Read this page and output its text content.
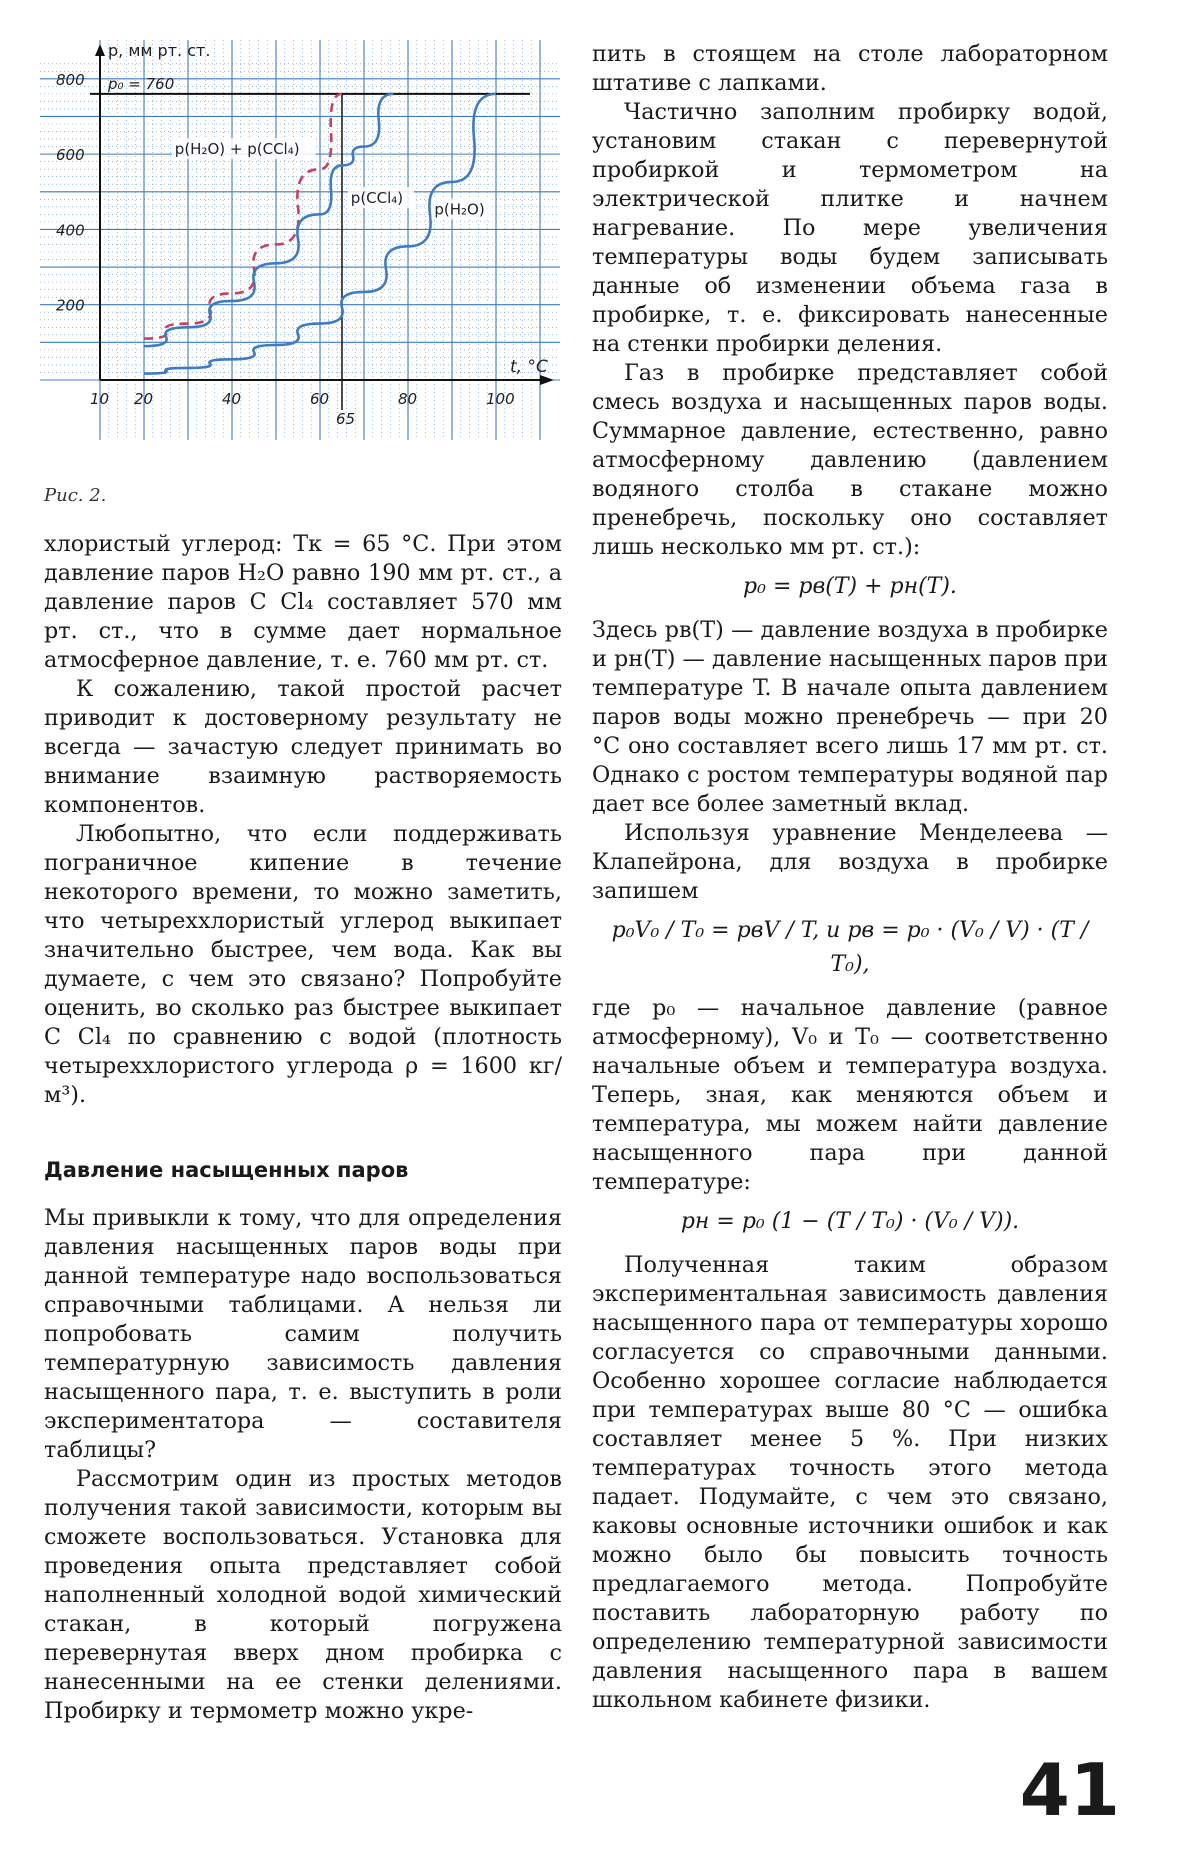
200
400
600
800
10 20	40	60	80	100
65
p, мм рт. ст.
t, °C
p₀ = 760
p(H₂O) + p(CCl₄)
p(CCl₄)
p(H₂O)
Рис. 2.

хлористый углерод: Tк = 65 °С. При этом давление паров H₂O равно 190 мм рт. ст., а давление паров С Cl₄ составляет 570 мм рт. ст., что в сумме дает нормальное атмосферное давление, т. е. 760 мм рт. ст.

К сожалению, такой простой расчет приводит к достоверному результату не всегда — зачастую следует принимать во внимание взаимную растворяемость компонентов.

Любопытно, что если поддерживать пограничное кипение в течение некоторого времени, то можно заметить, что четыреххлористый углерод выкипает значительно быстрее, чем вода. Как вы думаете, с чем это связано? Попробуйте оценить, во сколько раз быстрее выкипает С Cl₄ по сравнению с водой (плотность четыреххлористого углерода ρ = 1600 кг/м³).

Давление насыщенных паров

Мы привыкли к тому, что для определения давления насыщенных паров воды при данной температуре надо воспользоваться справочными таблицами. А нельзя ли попробовать самим получить температурную зависимость давления насыщенного пара, т. е. выступить в роли экспериментатора — составителя таблицы?

Рассмотрим один из простых методов получения такой зависимости, которым вы сможете воспользоваться. Установка для проведения опыта представляет собой наполненный холодной водой химический стакан, в который погружена перевернутая вверх дном пробирка с нанесенными на ее стенки делениями. Пробирку и термометр можно укре-

пить в стоящем на столе лабораторном штативе с лапками.

Частично заполним пробирку водой, установим стакан с перевернутой пробиркой и термометром на электрической плитке и начнем нагревание. По мере увеличения температуры воды будем записывать данные об изменении объема газа в пробирке, т. е. фиксировать нанесенные на стенки пробирки деления.

Газ в пробирке представляет собой смесь воздуха и насыщенных паров воды. Суммарное давление, естественно, равно атмосферному давлению (давлением водяного столба в стакане можно пренебречь, поскольку оно составляет лишь несколько мм рт. ст.):

p₀ = pв(T) + pн(T).

Здесь pв(T) — давление воздуха в пробирке и pн(T) — давление насыщенных паров при температуре T. В начале опыта давлением паров воды можно пренебречь — при 20 °С оно составляет всего лишь 17 мм рт. ст. Однако с ростом температуры водяной пар дает все более заметный вклад.

Используя уравнение Менделеева — Клапейрона, для воздуха в пробирке запишем

p₀V₀ / T₀ = pвV / T, и pв = p₀ · (V₀ / V) · (T / T₀),

где p₀ — начальное давление (равное атмосферному), V₀ и T₀ — соответственно начальные объем и температура воздуха. Теперь, зная, как меняются объем и температура, мы можем найти давление насыщенного пара при данной температуре:

pн = p₀ (1 − (T / T₀) · (V₀ / V)).

Полученная таким образом экспериментальная зависимость давления насыщенного пара от температуры хорошо согласуется со справочными данными. Особенно хорошее согласие наблюдается при температурах выше 80 °С — ошибка составляет менее 5 %. При низких температурах точность этого метода падает. Подумайте, с чем это связано, каковы основные источники ошибок и как можно было бы повысить точность предлагаемого метода. Попробуйте поставить лабораторную работу по определению температурной зависимости давления насыщенного пара в вашем школьном кабинете физики.

41
